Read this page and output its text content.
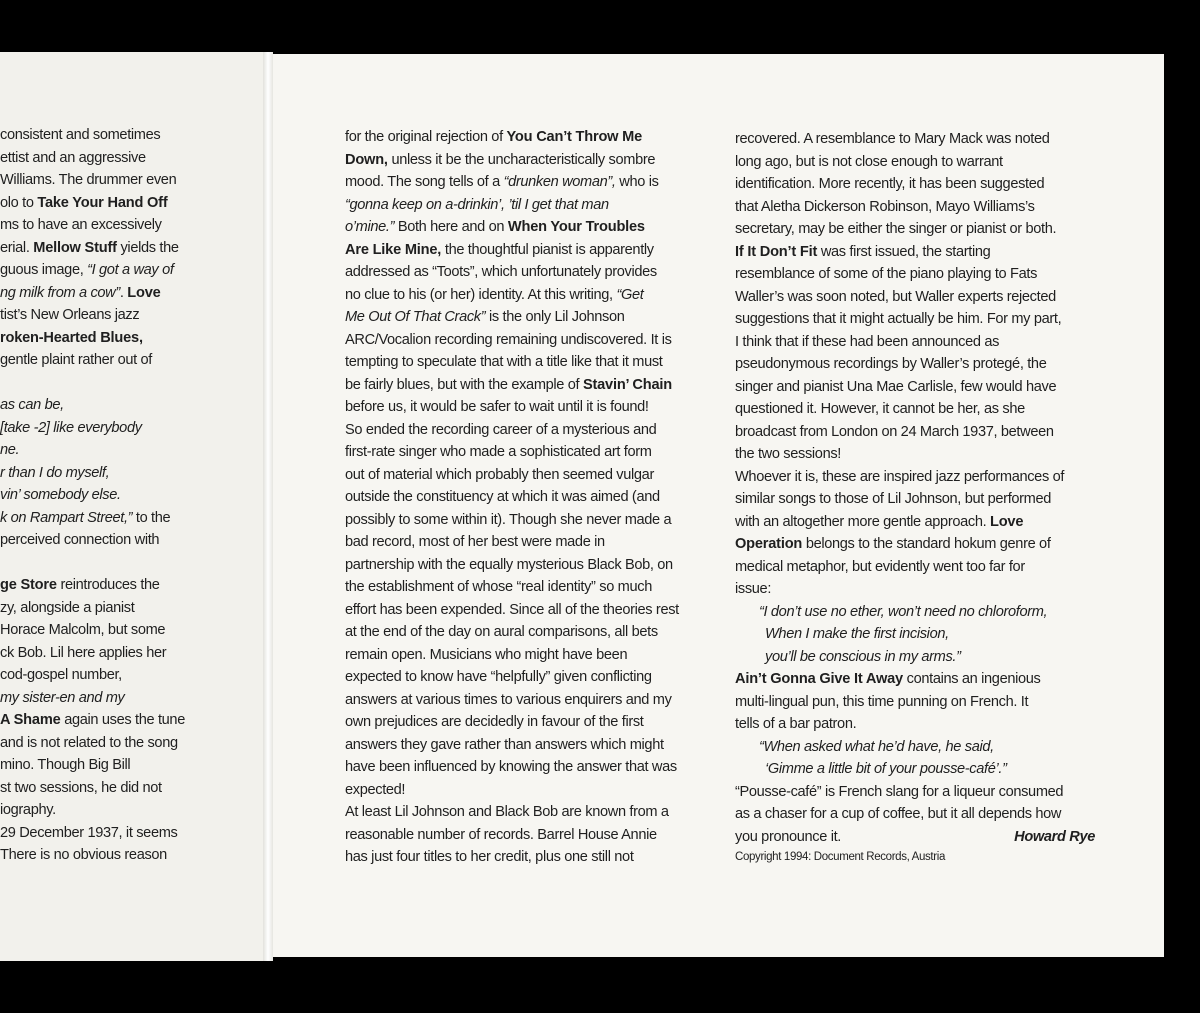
consistent and sometimes

ettist and an aggressive

Williams. The drummer even

olo to Take Your Hand Off

ms to have an excessively

erial. Mellow Stuff yields the

guous image, “I got a way of

ng milk from a cow”. Love

tist’s New Orleans jazz

roken-Hearted Blues,

gentle plaint rather out of

as can be,

[take -2] like everybody

ne.

r than I do myself,

vin’ somebody else.

k on Rampart Street,” to the

perceived connection with

ge Store reintroduces the

zy, alongside a pianist

Horace Malcolm, but some

ck Bob. Lil here applies her

cod-gospel number,

my sister-en and my

A Shame again uses the tune

and is not related to the song

mino. Though Big Bill

st two sessions, he did not

iography.

29 December 1937, it seems

There is no obvious reason

for the original rejection of You Can’t Throw Me

Down, unless it be the uncharacteristically sombre

mood. The song tells of a “drunken woman”, who is

“gonna keep on a-drinkin’, ’til I get that man

o’mine.” Both here and on When Your Troubles

Are Like Mine, the thoughtful pianist is apparently

addressed as “Toots”, which unfortunately provides

no clue to his (or her) identity. At this writing, “Get

Me Out Of That Crack” is the only Lil Johnson

ARC/Vocalion recording remaining undiscovered. It is

tempting to speculate that with a title like that it must

be fairly blues, but with the example of Stavin’ Chain

before us, it would be safer to wait until it is found!

So ended the recording career of a mysterious and

first-rate singer who made a sophisticated art form

out of material which probably then seemed vulgar

outside the constituency at which it was aimed (and

possibly to some within it). Though she never made a

bad record, most of her best were made in

partnership with the equally mysterious Black Bob, on

the establishment of whose “real identity” so much

effort has been expended. Since all of the theories rest

at the end of the day on aural comparisons, all bets

remain open. Musicians who might have been

expected to know have “helpfully” given conflicting

answers at various times to various enquirers and my

own prejudices are decidedly in favour of the first

answers they gave rather than answers which might

have been influenced by knowing the answer that was

expected!

At least Lil Johnson and Black Bob are known from a

reasonable number of records. Barrel House Annie

has just four titles to her credit, plus one still not

recovered. A resemblance to Mary Mack was noted

long ago, but is not close enough to warrant

identification. More recently, it has been suggested

that Aletha Dickerson Robinson, Mayo Williams’s

secretary, may be either the singer or pianist or both.

If It Don’t Fit was first issued, the starting

resemblance of some of the piano playing to Fats

Waller’s was soon noted, but Waller experts rejected

suggestions that it might actually be him. For my part,

I think that if these had been announced as

pseudonymous recordings by Waller’s protegé, the

singer and pianist Una Mae Carlisle, few would have

questioned it. However, it cannot be her, as she

broadcast from London on 24 March 1937, between

the two sessions!

Whoever it is, these are inspired jazz performances of

similar songs to those of Lil Johnson, but performed

with an altogether more gentle approach. Love

Operation belongs to the standard hokum genre of

medical metaphor, but evidently went too far for

issue:

“I don’t use no ether, won’t need no chloroform,

When I make the first incision,

you’ll be conscious in my arms.”

Ain’t Gonna Give It Away contains an ingenious

multi-lingual pun, this time punning on French. It

tells of a bar patron.

“When asked what he’d have, he said,

‘Gimme a little bit of your pousse-café’.”

“Pousse-café” is French slang for a liqueur consumed

as a chaser for a cup of coffee, but it all depends how

you pronounce it.	Howard Rye

Copyright 1994: Document Records, Austria
